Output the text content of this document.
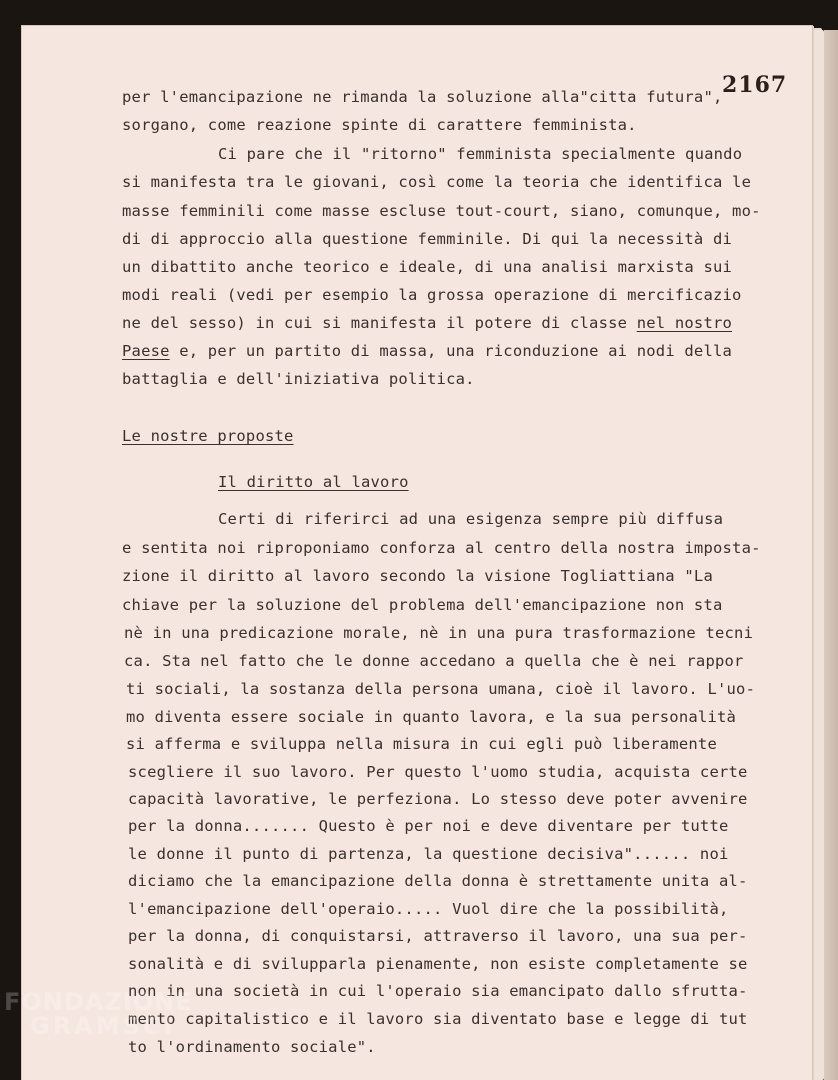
2167
per l'emancipazione ne rimanda la soluzione alla"citta futura",
sorgano, come reazione spinte di carattere femminista.
Ci pare che il "ritorno" femminista specialmente quando
si manifesta tra le giovani, così come la teoria che identifica le
masse femminili come masse escluse tout-court, siano, comunque, mo-
di di approccio alla questione femminile. Di qui la necessità di
un dibattito anche teorico e ideale, di una analisi marxista sui
modi reali (vedi per esempio la grossa operazione di mercificazio
ne del sesso) in cui si manifesta il potere di classe nel nostro
Paese e, per un partito di massa, una riconduzione ai nodi della
battaglia e dell'iniziativa politica.
Le nostre proposte
Il diritto al lavoro
Certi di riferirci ad una esigenza sempre più diffusa
e sentita noi riproponiamo conforza al centro della nostra imposta-
zione il diritto al lavoro secondo la visione Togliattiana "La
chiave per la soluzione del problema dell'emancipazione non sta
nè in una predicazione morale, nè in una pura trasformazione tecni
ca. Sta nel fatto che le donne accedano a quella che è nei rappor
ti sociali, la sostanza della persona umana, cioè il lavoro. L'uo-
mo diventa essere sociale in quanto lavora, e la sua personalità
si afferma e sviluppa nella misura in cui egli può liberamente
scegliere il suo lavoro. Per questo l'uomo studia, acquista certe
capacità lavorative, le perfeziona. Lo stesso deve poter avvenire
per la donna....... Questo è per noi e deve diventare per tutte
le donne il punto di partenza, la questione decisiva"...... noi
diciamo che la emancipazione della donna è strettamente unita al-
l'emancipazione dell'operaio..... Vuol dire che la possibilità,
per la donna, di conquistarsi, attraverso il lavoro, una sua per-
sonalità e di svilupparla pienamente, non esiste completamente se
non in una società in cui l'operaio sia emancipato dallo sfrutta-
mento capitalistico e il lavoro sia diventato base e legge di tut
to l'ordinamento sociale".
FONDAZIONE
GRAMSCI
